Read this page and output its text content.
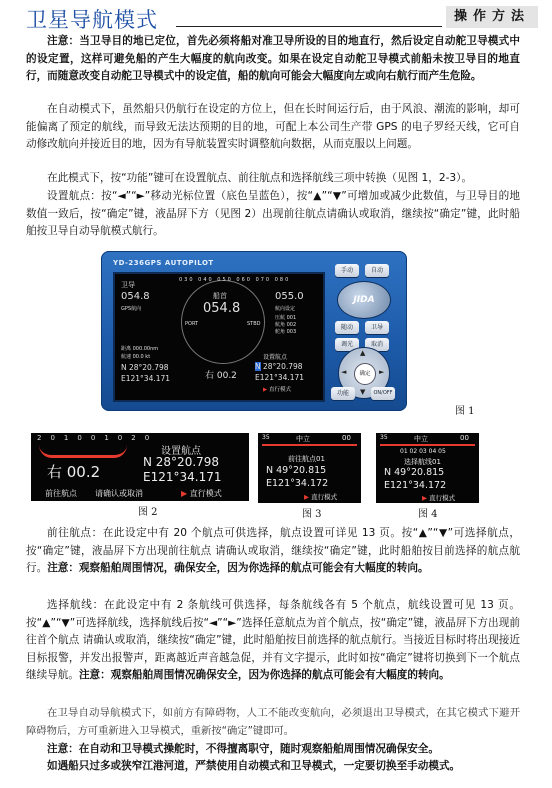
卫星导航模式	操作方法

注意：当卫导目的地已定位，首先必须将船对准卫导所设的目的地直行，然后设定自动舵卫导模式中的设定置，这样可避免船的产生大幅度的航向改变。如果在设定自动舵卫导模式前船未按卫导目的地直行，而随意改变自动舵卫导模式中的设定值，船的航向可能会大幅度向左或向右航行而产生危险。

在自动模式下，虽然船只仍航行在设定的方位上，但在长时间运行后，由于风浪、潮流的影响，却可能偏离了预定的航线，而导致无法达预期的目的地，可配上本公司生产带 GPS 的电子罗经天线，它可自动修改航向并接近目的地，因为有导航装置实时调整航向数据，从而克服以上问题。

在此模式下，按“功能”键可在设置航点、前往航点和选择航线三项中转换（见图 1，2-3）。

设置航点：按“◄”“►”移动光标位置（底色呈蓝色），按“▲”“▼”可增加或减少此数值，与卫导目的地数值一致后，按“确定”键，液晶屏下方（见图 2）出现前往航点请确认或取消，继续按“确定”键，此时船舶按卫导自动导航模式航行。

YD-236GPS AUTOPILOT
卫导
054.8
GPS航向
030 040 050 060 070 080
船首
054.8
PORT	STBD
055.0
航向设定
压航 001
航角 002
舵角 003
距离 000.00nm
航速 00.0 kt
N 28°20.798
E121°34.171	右 00.2
设置航点
N 28°20.798
E121°34.171
▶ 直行模式
手动	自动
JIDA
随动	卫导
调光	取消
▲
▼
◄	►
确定
功能	ON/OFF
图 1
201001020
右 00.2
设置航点
N 28°20.798
E121°34.171
前往航点 请确认或取消	▶ 直行模式
图 2
35	中立	00
前往航点01
N 49°20.815
E121°34.172
▶ 直行模式
图 3
35	中立	00
01 02 03 04 05
选择航线01
N 49°20.815
E121°34.172
▶ 直行模式
图 4

前往航点：在此设定中有 20 个航点可供选择，航点设置可详见 13 页。按“▲”“▼”可选择航点，按“确定”键，液晶屏下方出现前往航点 请确认或取消，继续按“确定”键，此时船舶按目前选择的航点航行。注意：观察船舶周围情况，确保安全，因为你选择的航点可能会有大幅度的转向。

选择航线：在此设定中有 2 条航线可供选择，每条航线各有 5 个航点，航线设置可见 13 页。按“▲”“▼”可选择航线，选择航线后按“◄”“►”选择任意航点为首个航点，按“确定”键，液晶屏下方出现前往首个航点 请确认或取消，继续按“确定”键，此时船舶按目前选择的航点航行。当接近目标时将出现接近目标报警，并发出报警声，距离越近声音越急促，并有文字提示，此时如按“确定”键将切换到下一个航点继续导航。注意：观察船舶周围情况确保安全，因为你选择的航点可能会有大幅度的转向。

在卫导自动导航模式下，如前方有障碍物，人工不能改变航向，必须退出卫导模式，在其它模式下避开障碍物后，方可重新进入卫导模式，重新按“确定”键即可。

注意：在自动和卫导模式操舵时，不得擅离职守，随时观察船舶周围情况确保安全。

如遇船只过多或狭窄江港河道，严禁使用自动模式和卫导模式，一定要切换至手动模式。
